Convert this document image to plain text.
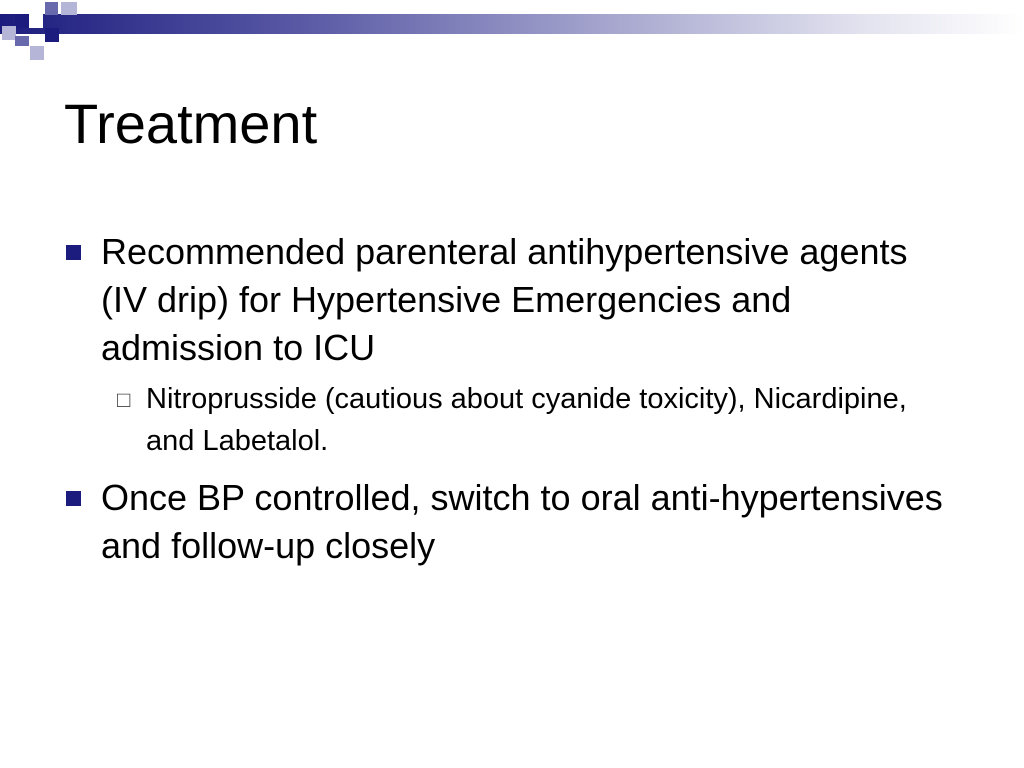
Treatment
Recommended parenteral antihypertensive agents (IV drip) for Hypertensive Emergencies and admission to ICU
□ Nitroprusside (cautious about cyanide toxicity), Nicardipine, and Labetalol.
Once BP controlled, switch to oral anti-hypertensives and follow-up closely
